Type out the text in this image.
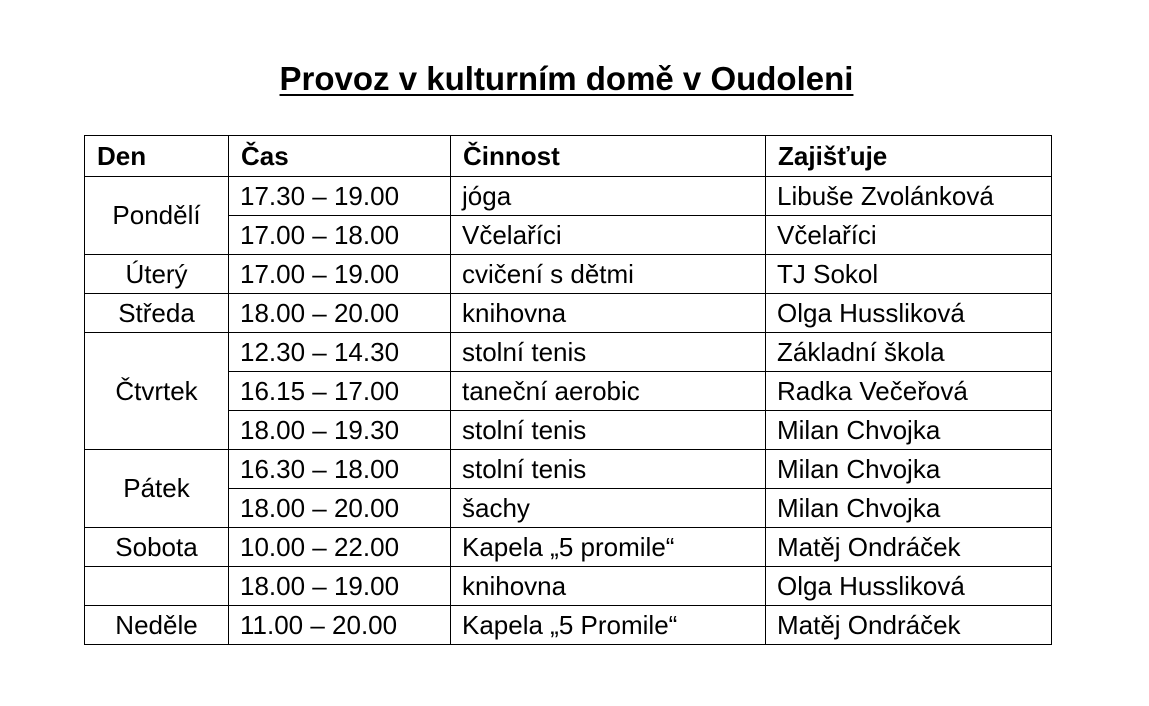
Provoz v kulturním domě v Oudoleni
Den	Čas	Činnost	Zajišťuje
Pondělí	17.30 – 19.00	jóga	Libuše Zvolánková
	17.00 – 18.00	Včelaříci	Včelaříci
Úterý	17.00 – 19.00	cvičení s dětmi	TJ Sokol
Středa	18.00 – 20.00	knihovna	Olga Hussliková
Čtvrtek	12.30 – 14.30	stolní tenis	Základní škola
	16.15 – 17.00	taneční aerobic	Radka Večeřová
	18.00 – 19.30	stolní tenis	Milan Chvojka
Pátek	16.30 – 18.00	stolní tenis	Milan Chvojka
	18.00 – 20.00	šachy	Milan Chvojka
Sobota	10.00 – 22.00	Kapela „5 promile“	Matěj Ondráček
	18.00 – 19.00	knihovna	Olga Hussliková
Neděle	11.00 – 20.00	Kapela „5 Promile“	Matěj Ondráček
